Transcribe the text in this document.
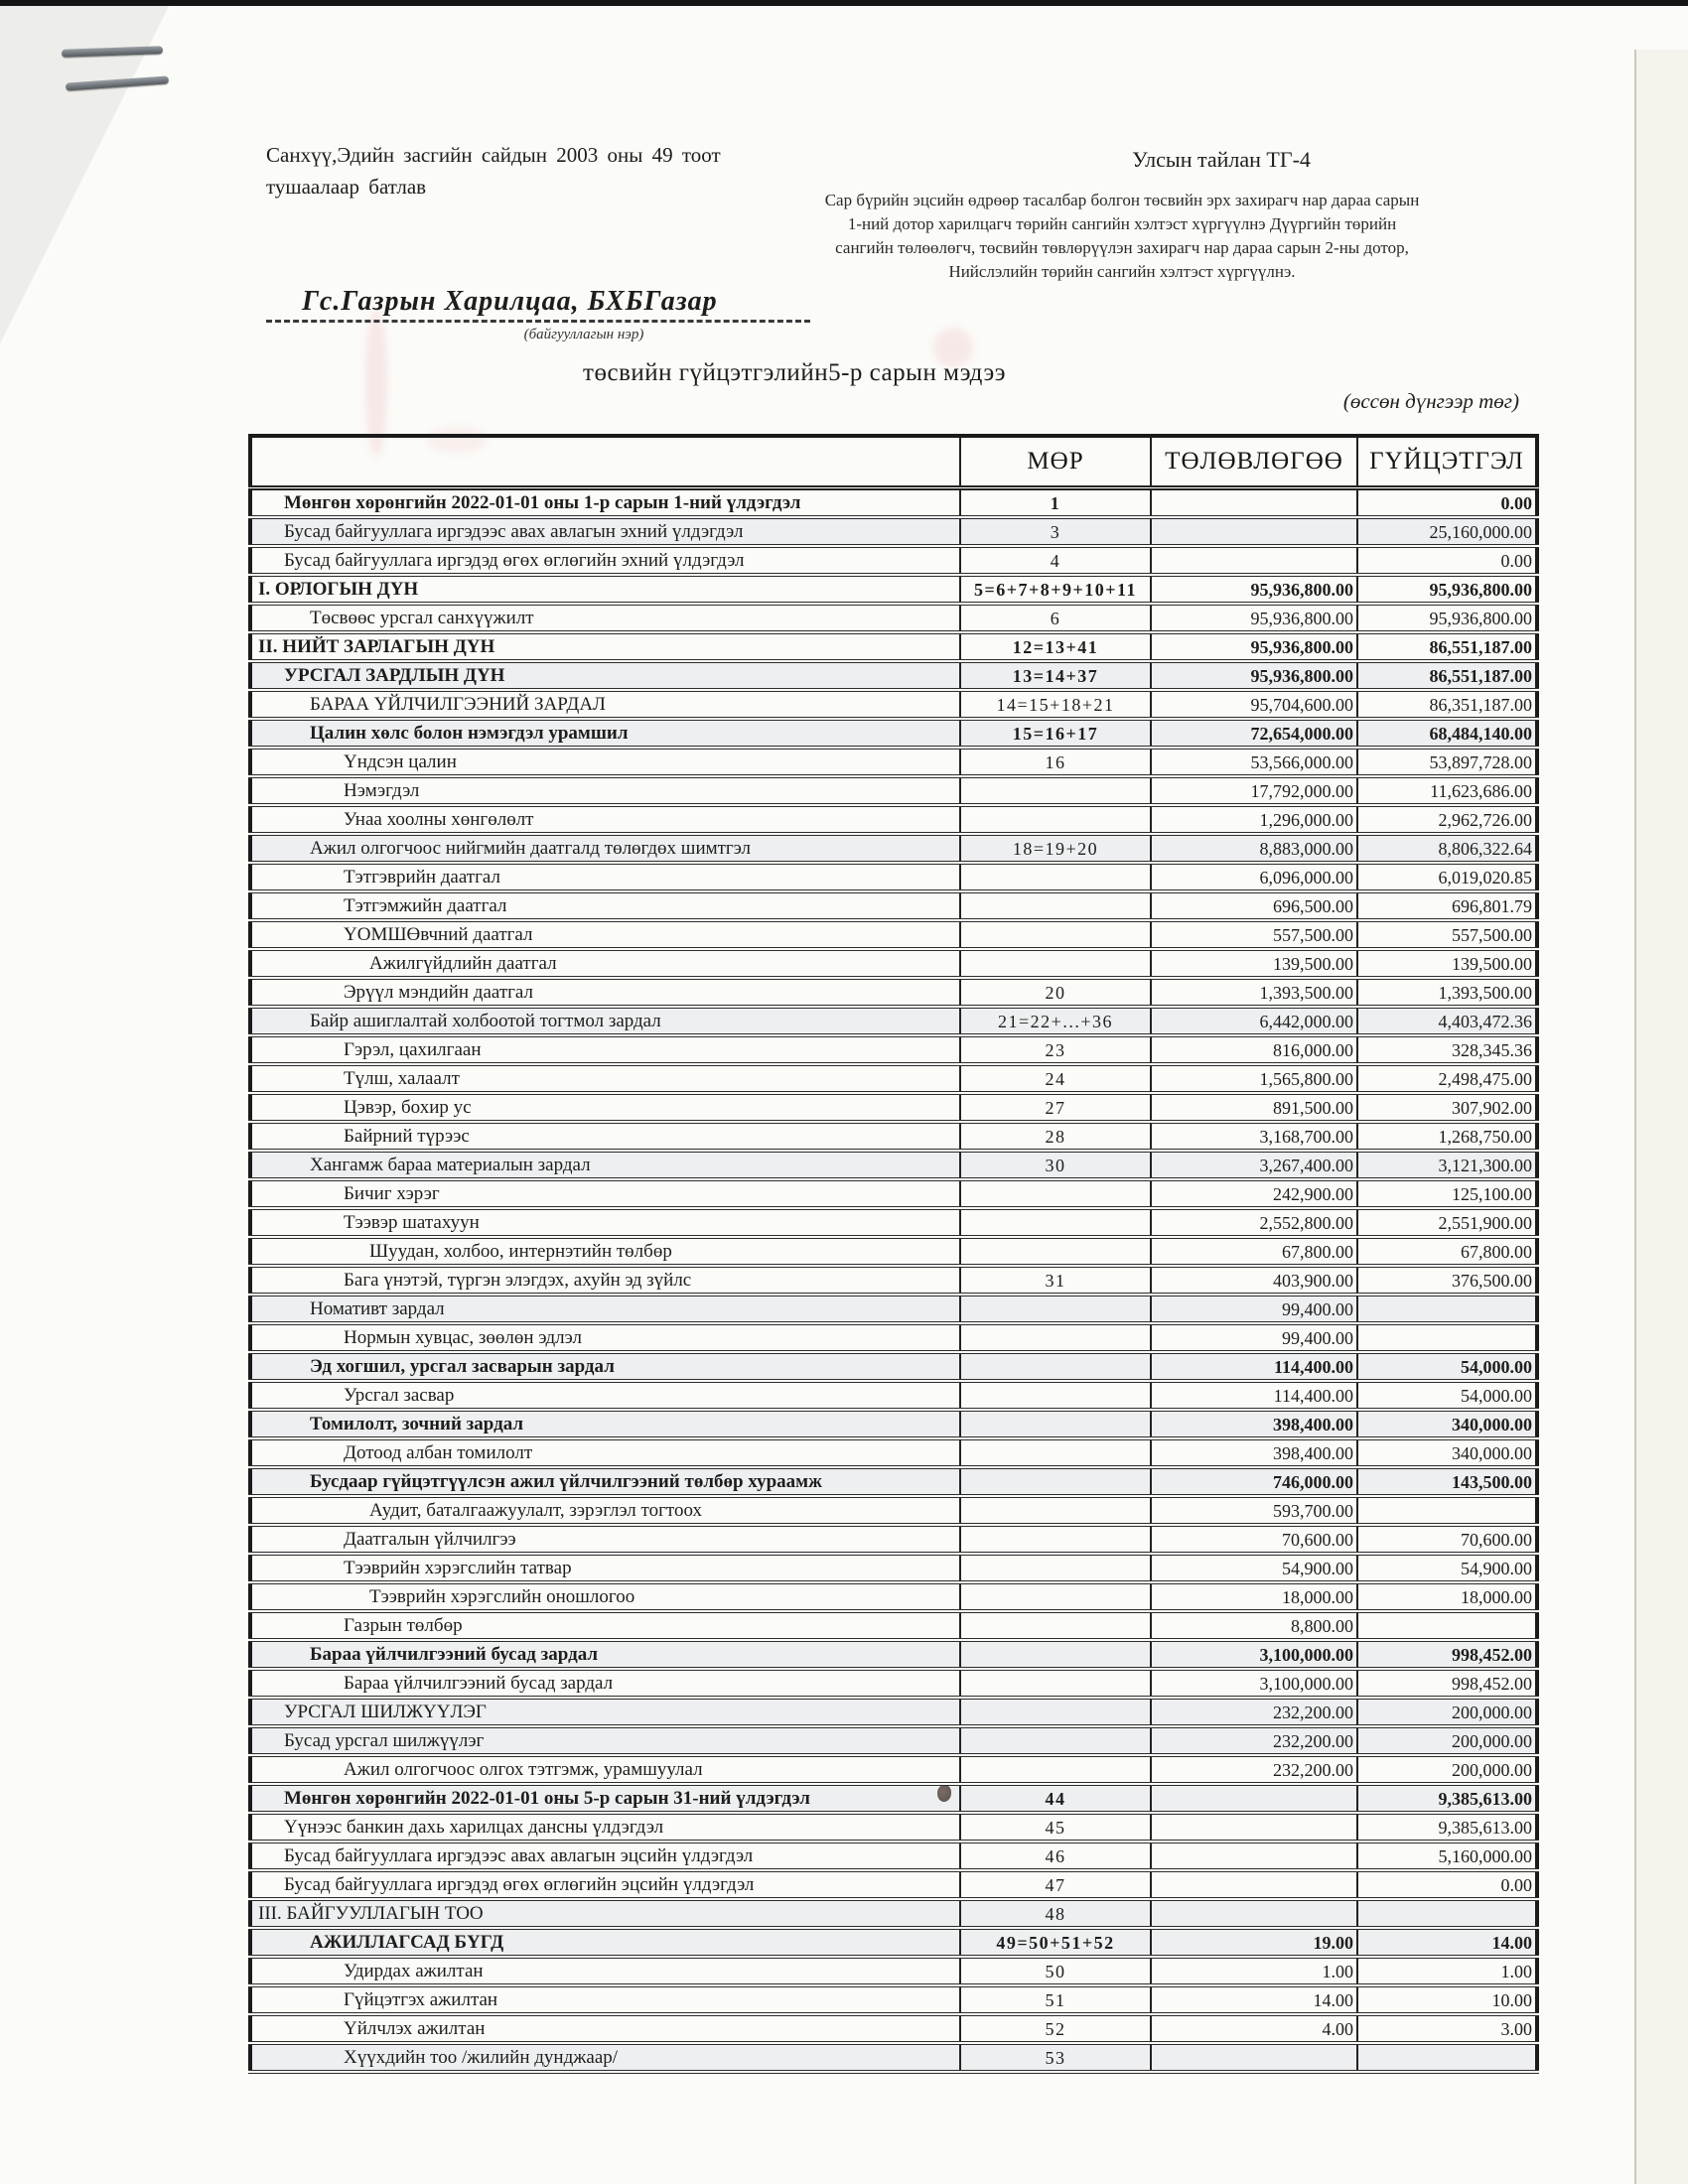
Санхүү,Эдийн засгийн сайдын 2003 оны 49 тоот тушаалаар батлав
Улсын тайлан ТГ-4
Сар бүрийн эцсийн өдрөөр тасалбар болгон төсвийн эрх захирагч нар дараа сарын
1-ний дотор харилцагч төрийн сангийн хэлтэст хүргүүлнэ Дүүргийн төрийн
сангийн төлөөлөгч, төсвийн төвлөрүүлэн захирагч нар дараа сарын 2-ны дотор,
Нийслэлийн төрийн сангийн хэлтэст хүргүүлнэ.
Гс.Газрын Харилцаа, БХБГазар
(байгууллагын нэр)
төсвийн гүйцэтгэлийн5-р сарын мэдээ
(өссөн дүнгээр төг)
	МӨР	ТӨЛӨВЛӨГӨӨ	ГҮЙЦЭТГЭЛ
Мөнгөн хөрөнгийн 2022-01-01 оны 1-р сарын 1-ний үлдэгдэл	1		0.00
Бусад байгууллага иргэдээс авах авлагын эхний үлдэгдэл	3		25,160,000.00
Бусад байгууллага иргэдэд өгөх өглөгийн эхний үлдэгдэл	4		0.00
I. ОРЛОГЫН ДҮН	5=6+7+8+9+10+11	95,936,800.00	95,936,800.00
Төсвөөс урсгал санхүүжилт	6	95,936,800.00	95,936,800.00
II. НИЙТ ЗАРЛАГЫН ДҮН	12=13+41	95,936,800.00	86,551,187.00
УРСГАЛ ЗАРДЛЫН ДҮН	13=14+37	95,936,800.00	86,551,187.00
БАРАА ҮЙЛЧИЛГЭЭНИЙ ЗАРДАЛ	14=15+18+21	95,704,600.00	86,351,187.00
Цалин хөлс болон нэмэгдэл урамшил	15=16+17	72,654,000.00	68,484,140.00
Үндсэн цалин	16	53,566,000.00	53,897,728.00
Нэмэгдэл		17,792,000.00	11,623,686.00
Унаа хоолны хөнгөлөлт		1,296,000.00	2,962,726.00
Ажил олгогчоос нийгмийн даатгалд төлөгдөх шимтгэл	18=19+20	8,883,000.00	8,806,322.64
Тэтгэврийн даатгал		6,096,000.00	6,019,020.85
Тэтгэмжийн даатгал		696,500.00	696,801.79
ҮОМШӨвчний даатгал		557,500.00	557,500.00
Ажилгүйдлийн даатгал		139,500.00	139,500.00
Эрүүл мэндийн даатгал	20	1,393,500.00	1,393,500.00
Байр ашиглалтай холбоотой тогтмол зардал	21=22+...+36	6,442,000.00	4,403,472.36
Гэрэл, цахилгаан	23	816,000.00	328,345.36
Түлш, халаалт	24	1,565,800.00	2,498,475.00
Цэвэр, бохир ус	27	891,500.00	307,902.00
Байрний түрээс	28	3,168,700.00	1,268,750.00
Хангамж бараа материалын зардал	30	3,267,400.00	3,121,300.00
Бичиг хэрэг		242,900.00	125,100.00
Тээвэр шатахуун		2,552,800.00	2,551,900.00
Шуудан, холбоо, интернэтийн төлбөр		67,800.00	67,800.00
Бага үнэтэй, түргэн элэгдэх, ахуйн эд зүйлс	31	403,900.00	376,500.00
Номативт зардал		99,400.00	
Нормын хувцас, зөөлөн эдлэл		99,400.00	
Эд хогшил, урсгал засварын зардал		114,400.00	54,000.00
Урсгал засвар		114,400.00	54,000.00
Томилолт, зочний зардал		398,400.00	340,000.00
Дотоод албан томилолт		398,400.00	340,000.00
Бусдаар гүйцэтгүүлсэн ажил үйлчилгээний төлбөр хураамж		746,000.00	143,500.00
Аудит, баталгаажуулалт, зэрэглэл тогтоох		593,700.00	
Даатгалын үйлчилгээ		70,600.00	70,600.00
Тээврийн хэрэгслийн татвар		54,900.00	54,900.00
Тээврийн хэрэгслийн оношлогоо		18,000.00	18,000.00
Газрын төлбөр		8,800.00	
Бараа үйлчилгээний бусад зардал		3,100,000.00	998,452.00
Бараа үйлчилгээний бусад зардал		3,100,000.00	998,452.00
УРСГАЛ ШИЛЖҮҮЛЭГ		232,200.00	200,000.00
Бусад урсгал шилжүүлэг		232,200.00	200,000.00
Ажил олгогчоос олгох тэтгэмж, урамшуулал		232,200.00	200,000.00
Мөнгөн хөрөнгийн 2022-01-01 оны 5-р сарын 31-ний үлдэгдэл	44		9,385,613.00
Үүнээс банкин дахь харилцах дансны үлдэгдэл	45		9,385,613.00
Бусад байгууллага иргэдээс авах авлагын эцсийн үлдэгдэл	46		5,160,000.00
Бусад байгууллага иргэдэд өгөх өглөгийн эцсийн үлдэгдэл	47		0.00
III. БАЙГУУЛЛАГЫН ТОО	48		
АЖИЛЛАГСАД БҮГД	49=50+51+52	19.00	14.00
Удирдах ажилтан	50	1.00	1.00
Гүйцэтгэх ажилтан	51	14.00	10.00
Үйлчлэх ажилтан	52	4.00	3.00
Хүүхдийн тоо /жилийн дунджаар/	53		
